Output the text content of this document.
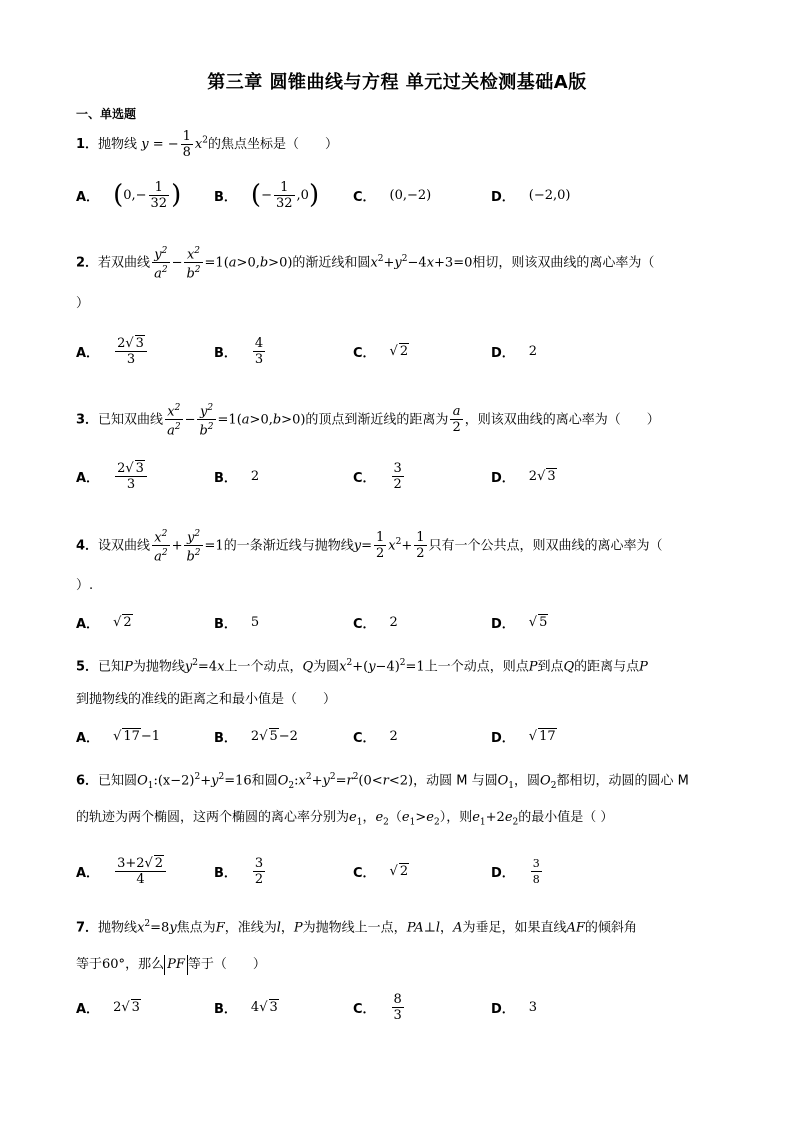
第三章 圆锥曲线与方程 单元过关检测基础A版
一、单选题
1．抛物线 y = − $\frac{1}{8} x^2$的焦点坐标是（　　）
A． ( $0,- \frac{1}{32}$ )	B． ( − $\frac{1}{32} ,0$ )	C． (0,−2)	D． (−2,0)
2．若双曲线 $\frac{y^2}{a^2} - \frac{x^2}{b^2} =1(a>0,b>0)$的渐近线和圆$x^2+y^2-4x+3=0$相切，则该双曲线的离心率为（
）
A． $\frac{2√ 3}{3}$	B． $\frac{4}{3}$	C． √ 2	D． 2
3．已知双曲线 $\frac{x^2}{a^2} - \frac{y^2}{b^2} =1(a>0,b>0)$的顶点到渐近线的距离为 $\frac{a}{2}$ ，则该双曲线的离心率为（　　）
A． $\frac{2√ 3}{3}$	B． 2	C． $\frac{3}{2}$	D． 2 √ 3
4．设双曲线 $\frac{x^2}{a^2} + \frac{y^2}{b^2} =1$的一条渐近线与抛物线$y= \frac{1}{2} x^2+ \frac{1}{2}$ 只有一个公共点，则双曲线的离心率为（
）.
A． √ 2	B． 5	C． 2	D． √ 5
5．已知P为抛物线$y^2=4x$上一个动点，Q为圆$x^2+(y-4)^2=1$上一个动点，则点P到点Q的距离与点P
到抛物线的准线的距离之和最小值是（　　）
A． √ 17 −1	B． 2 √ 5 −2	C． 2	D． √ 17
6．已知圆$O_1:(x-2)^2+y^2=16$和圆$O_2:x^2+y^2=r^2(0<r<2)$，动圆 M 与圆$O_1$，圆$O_2$都相切，动圆的圆心 M
的轨迹为两个椭圆，这两个椭圆的离心率分别为$e_1$，$e_2(e_1>e_2)$，则$e_1+2e_2$的最小值是（ ）
A． $\frac{3+2√ 2}{4}$	B． $\frac{3}{2}$	C． √ 2	D． $\frac{3}{8}$
7．抛物线$x^2=8y$焦点为F，准线为l，P为抛物线上一点，PA⊥l，A为垂足，如果直线AF的倾斜角
等于60°，那么 PF 等于（　　）
A． 2 √ 3	B． 4 √ 3	C． $\frac{8}{3}$	D． 3
